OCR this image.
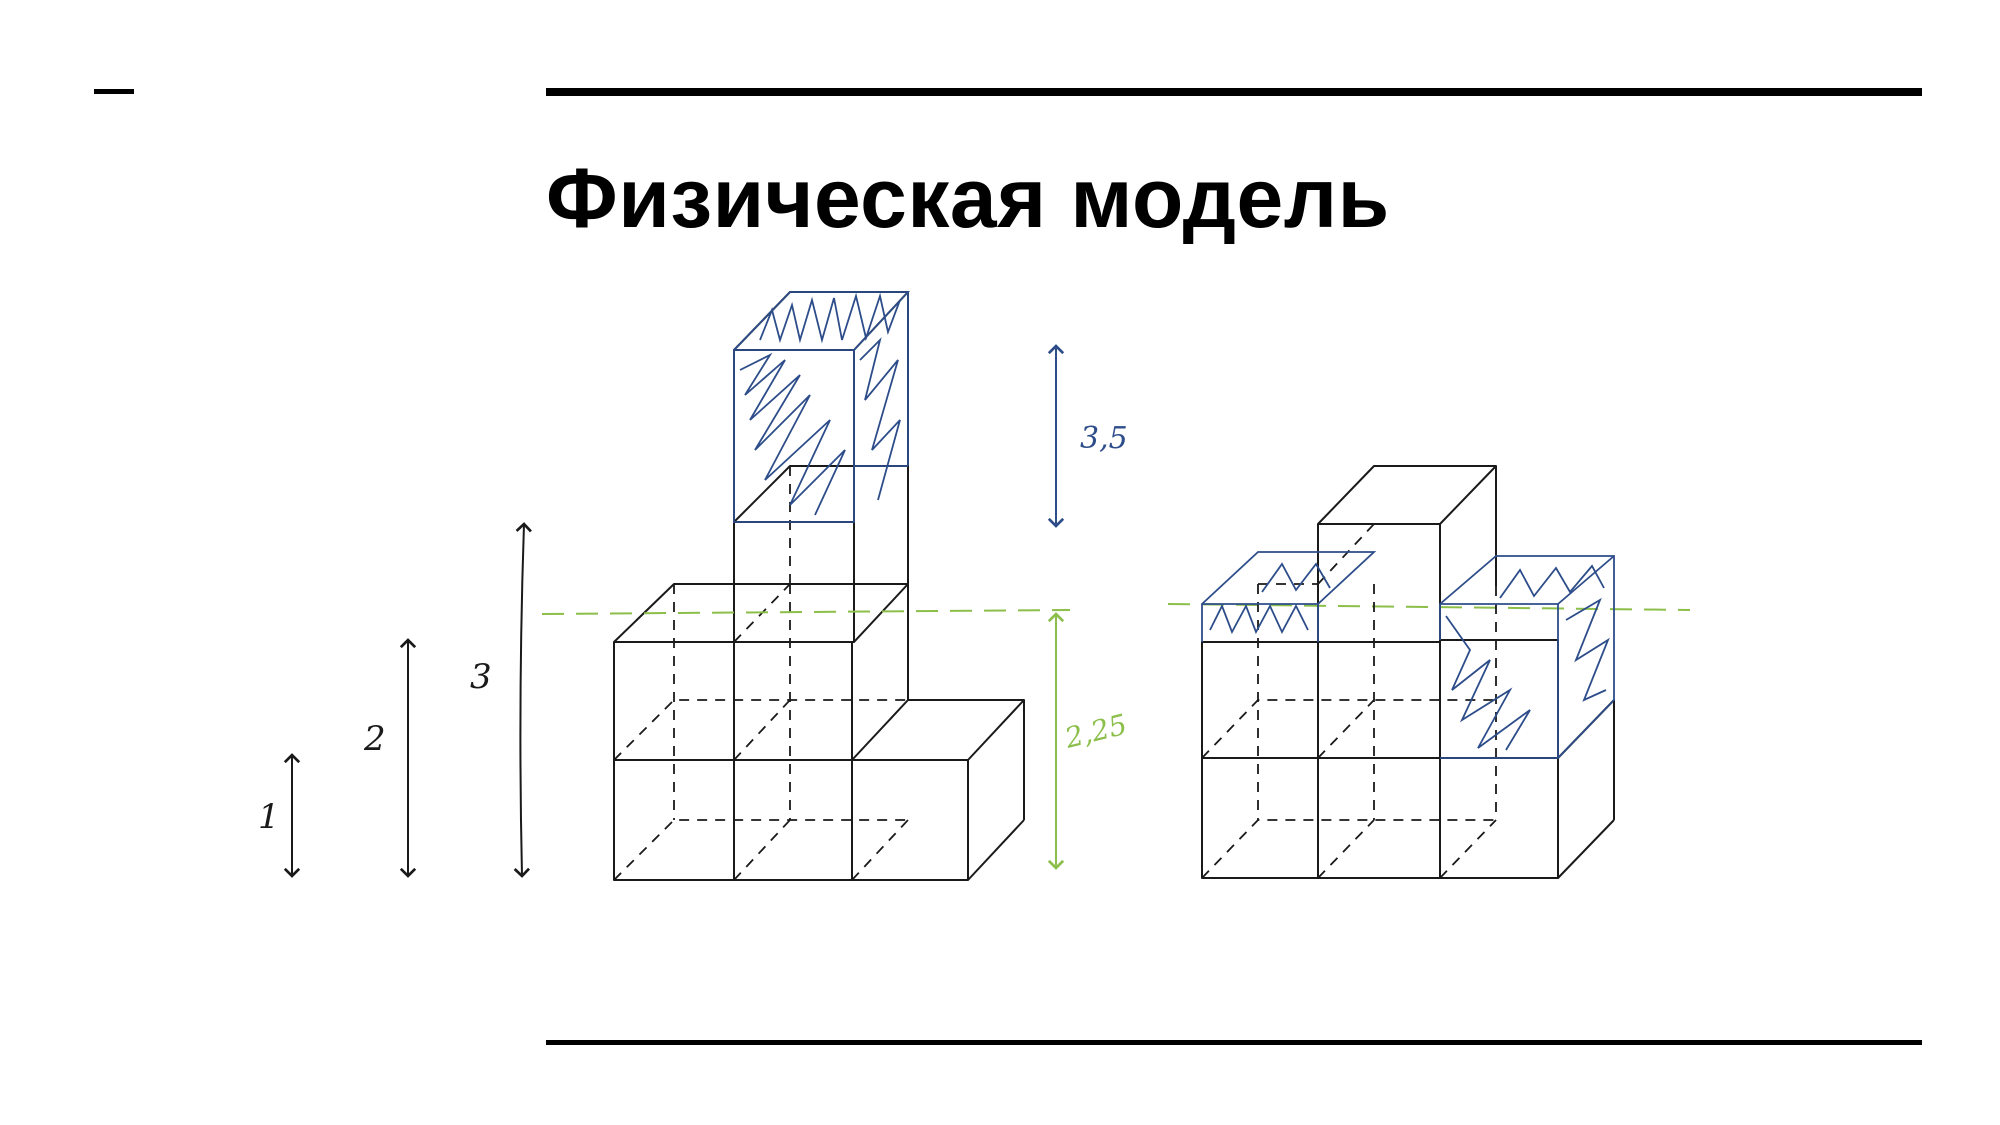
Физическая модель
1
2
3
3,5
2,25
